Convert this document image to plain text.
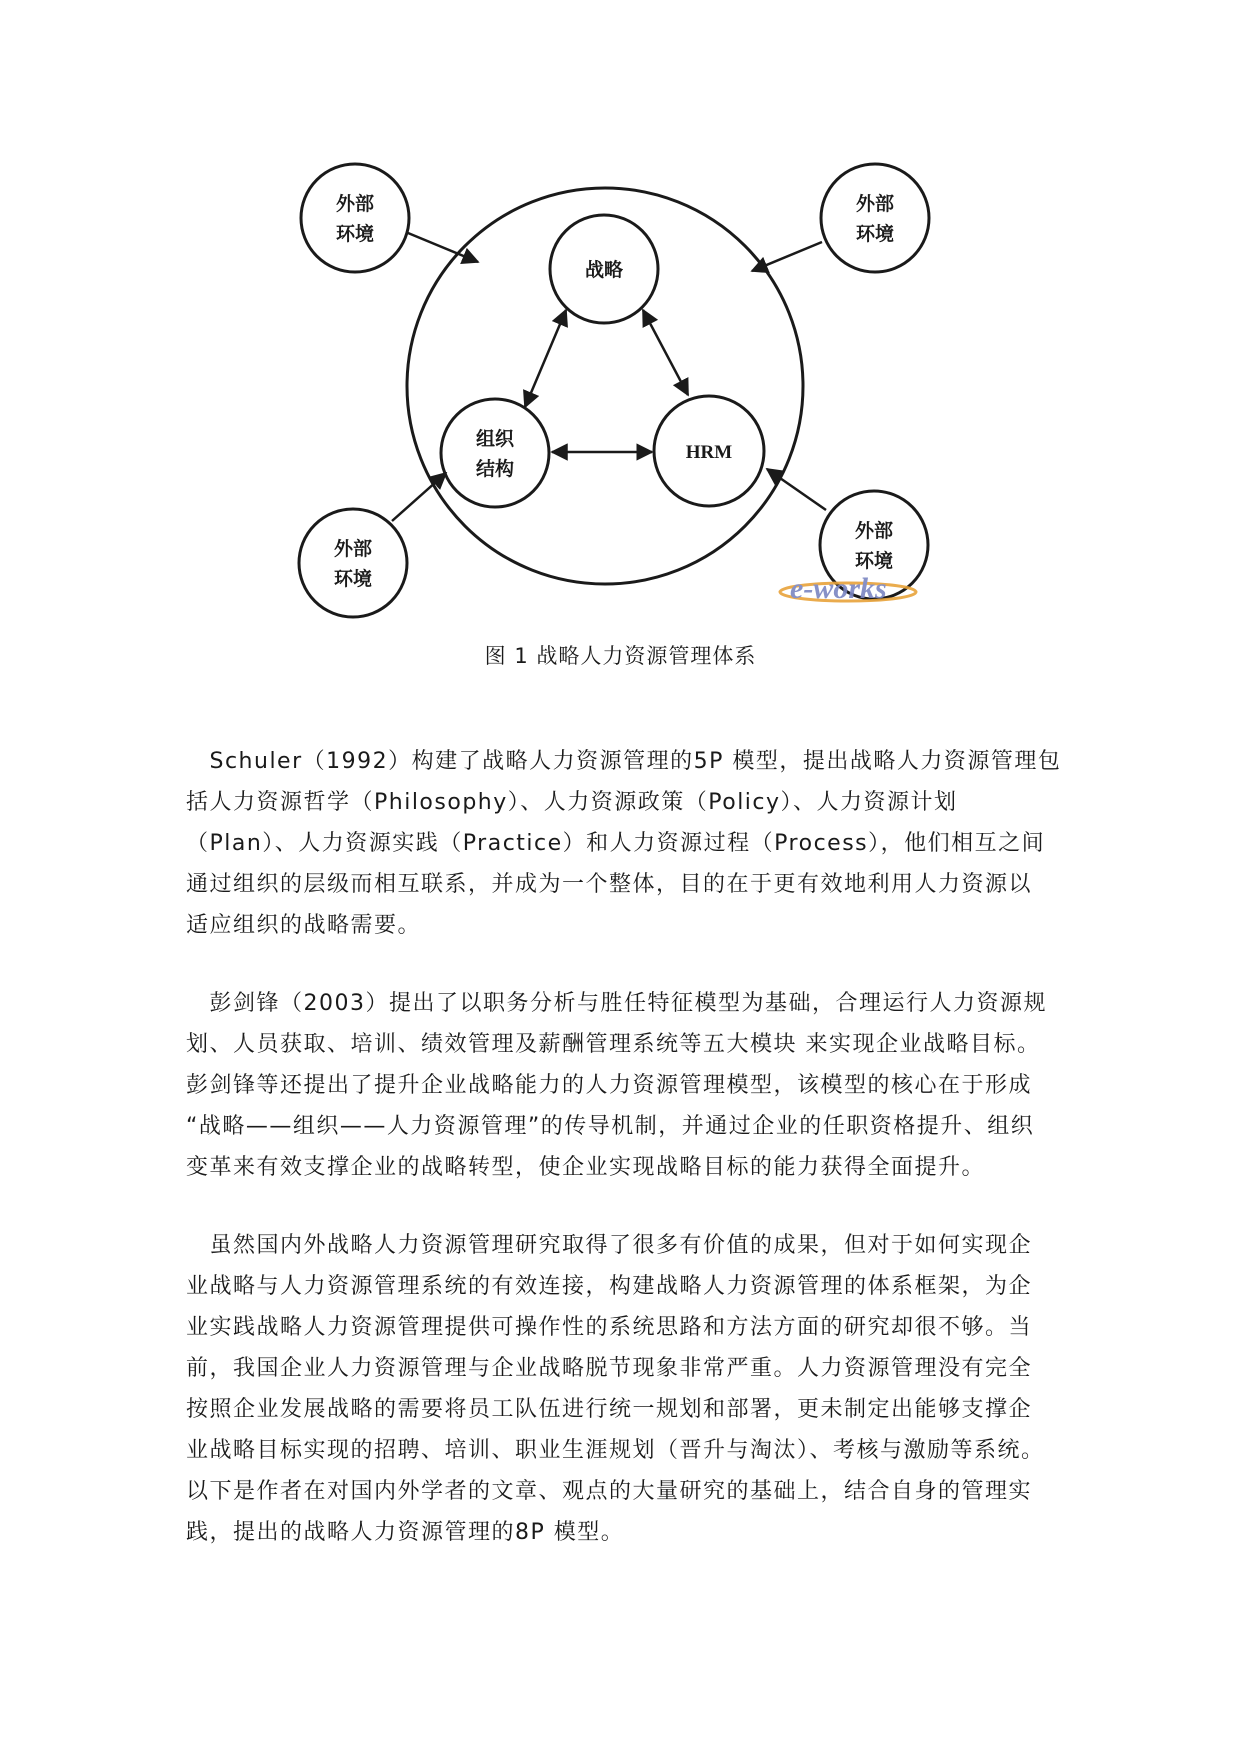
战略
组织
结构
HRM
外部
环境
外部
环境
外部
环境
外部
环境
e-works
图 1 战略人力资源管理体系
　Schuler（1992）构建了战略人力资源管理的5P 模型，提出战略人力资源管理包
括人力资源哲学（Philosophy）、人力资源政策（Policy）、人力资源计划
（Plan）、人力资源实践（Practice）和人力资源过程（Process），他们相互之间
通过组织的层级而相互联系，并成为一个整体，目的在于更有效地利用人力资源以
适应组织的战略需要。
　彭剑锋（2003）提出了以职务分析与胜任特征模型为基础，合理运行人力资源规
划、人员获取、培训、绩效管理及薪酬管理系统等五大模块 来实现企业战略目标。
彭剑锋等还提出了提升企业战略能力的人力资源管理模型，该模型的核心在于形成
“战略——组织——人力资源管理”的传导机制，并通过企业的任职资格提升、组织
变革来有效支撑企业的战略转型，使企业实现战略目标的能力获得全面提升。
　虽然国内外战略人力资源管理研究取得了很多有价值的成果，但对于如何实现企
业战略与人力资源管理系统的有效连接，构建战略人力资源管理的体系框架，为企
业实践战略人力资源管理提供可操作性的系统思路和方法方面的研究却很不够。当
前，我国企业人力资源管理与企业战略脱节现象非常严重。人力资源管理没有完全
按照企业发展战略的需要将员工队伍进行统一规划和部署，更未制定出能够支撑企
业战略目标实现的招聘、培训、职业生涯规划（晋升与淘汰）、考核与激励等系统。
以下是作者在对国内外学者的文章、观点的大量研究的基础上，结合自身的管理实
践，提出的战略人力资源管理的8P 模型。
